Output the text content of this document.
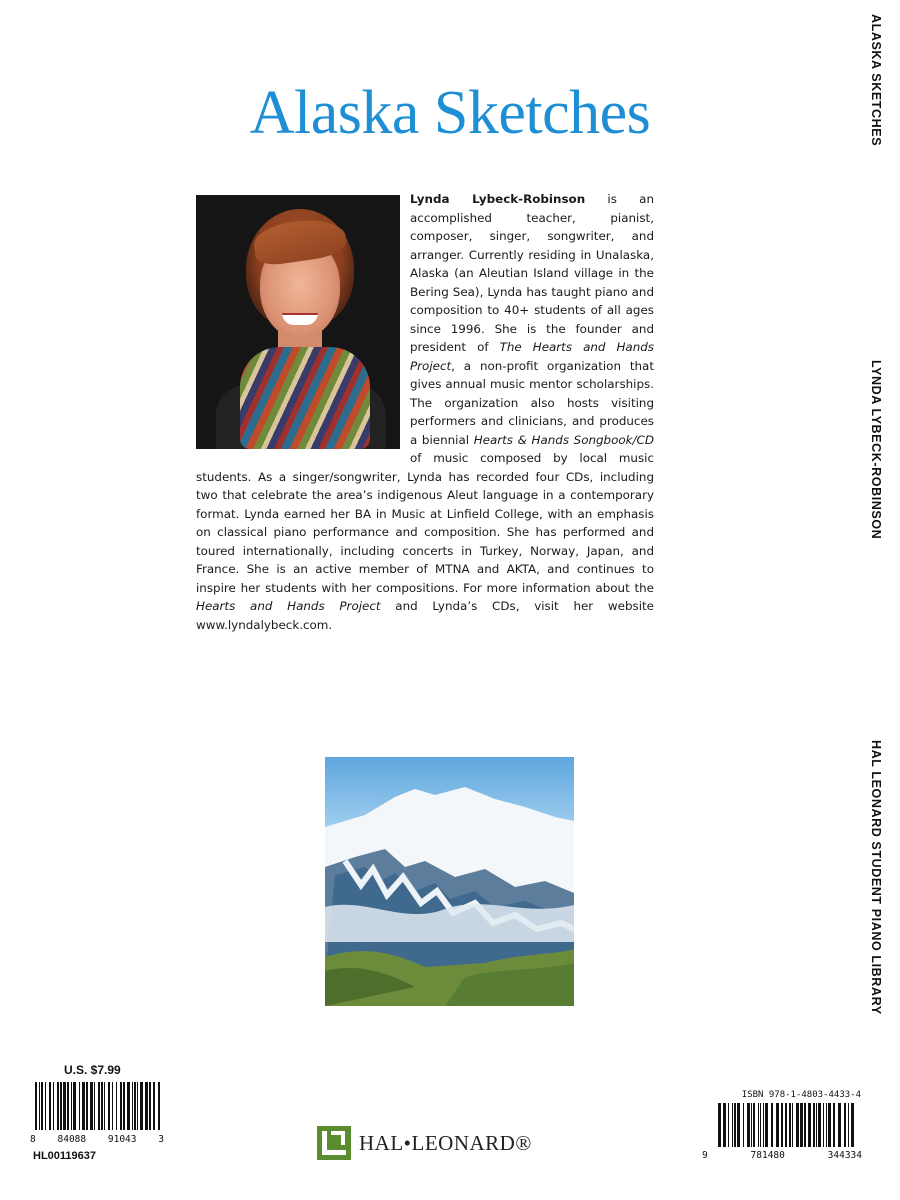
Alaska Sketches
Lynda Lybeck-Robinson is an accomplished teacher, pianist, composer, singer, songwriter, and arranger. Currently residing in Unalaska, Alaska (an Aleutian Island village in the Bering Sea), Lynda has taught piano and composition to 40+ students of all ages since 1996. She is the founder and president of The Hearts and Hands Project, a non-profit organization that gives annual music mentor scholarships. The organization also hosts visiting performers and clinicians, and produces a biennial Hearts & Hands Songbook/CD of music composed by local music students. As a singer/songwriter, Lynda has recorded four CDs, including two that celebrate the area’s indigenous Aleut language in a contemporary format. Lynda earned her BA in Music at Linfield College, with an emphasis on classical piano performance and composition. She has performed and toured internationally, including concerts in Turkey, Norway, Japan, and France. She is an active member of MTNA and AKTA, and continues to inspire her students with her compositions. For more information about the Hearts and Hands Project and Lynda’s CDs, visit her website www.lyndalybeck.com.
ALASKA SKETCHES
LYNDA LYBECK-ROBINSON
HAL LEONARD STUDENT PIANO LIBRARY
U.S. $7.99
8 84088 91043 3
HL00119637
HAL•LEONARD®
ISBN 978-1-4803-4433-4
9	781480	344334
